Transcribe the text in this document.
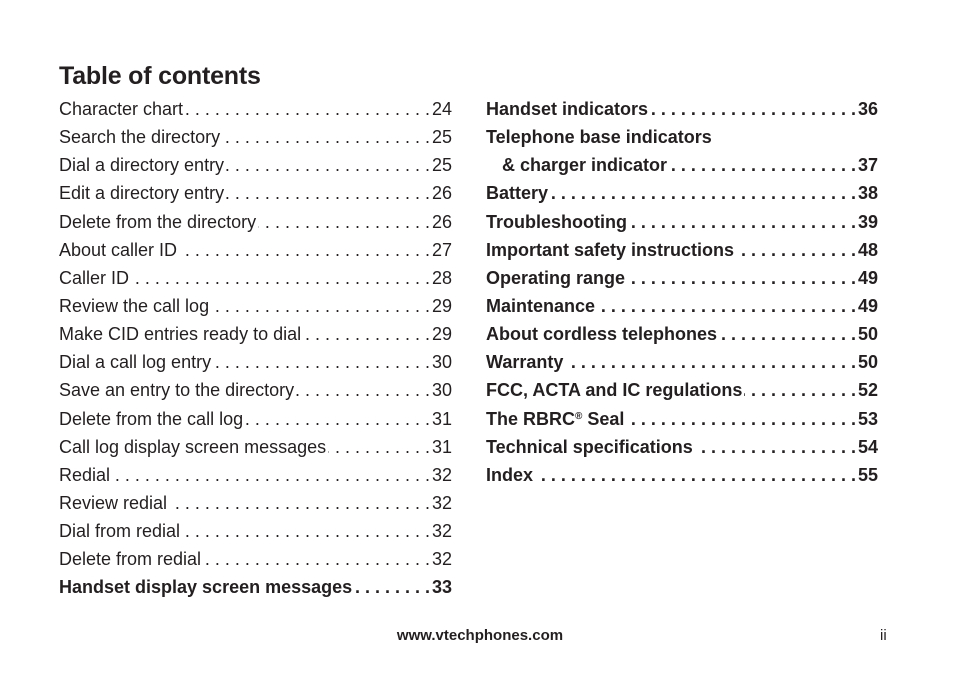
Table of contents
Character chart . . .	24
Search the directory . . .	25
Dial a directory entry . . .	25
Edit a directory entry . . .	26
Delete from the directory . . .	26
About caller ID . . .	27
Caller ID . . .	28
Review the call log . . .	29
Make CID entries ready to dial . . .	29
Dial a call log entry . . .	30
Save an entry to the directory . . .	30
Delete from the call log . . .	31
Call log display screen messages . . .	31
Redial . . .	32
Review redial . . .	32
Dial from redial . . .	32
Delete from redial . . .	32
Handset display screen messages . . .	33
Handset indicators . . .	36
Telephone base indicators
& charger indicator . . .	37
Battery . . .	38
Troubleshooting . . .	39
Important safety instructions . . .	48
Operating range . . .	49
Maintenance . . .	49
About cordless telephones . . .	50
Warranty . . .	50
FCC, ACTA and IC regulations . . .	52
The RBRC® Seal . . .	53
Technical specifications . . .	54
Index . . .	55
www.vtechphones.com	ii
